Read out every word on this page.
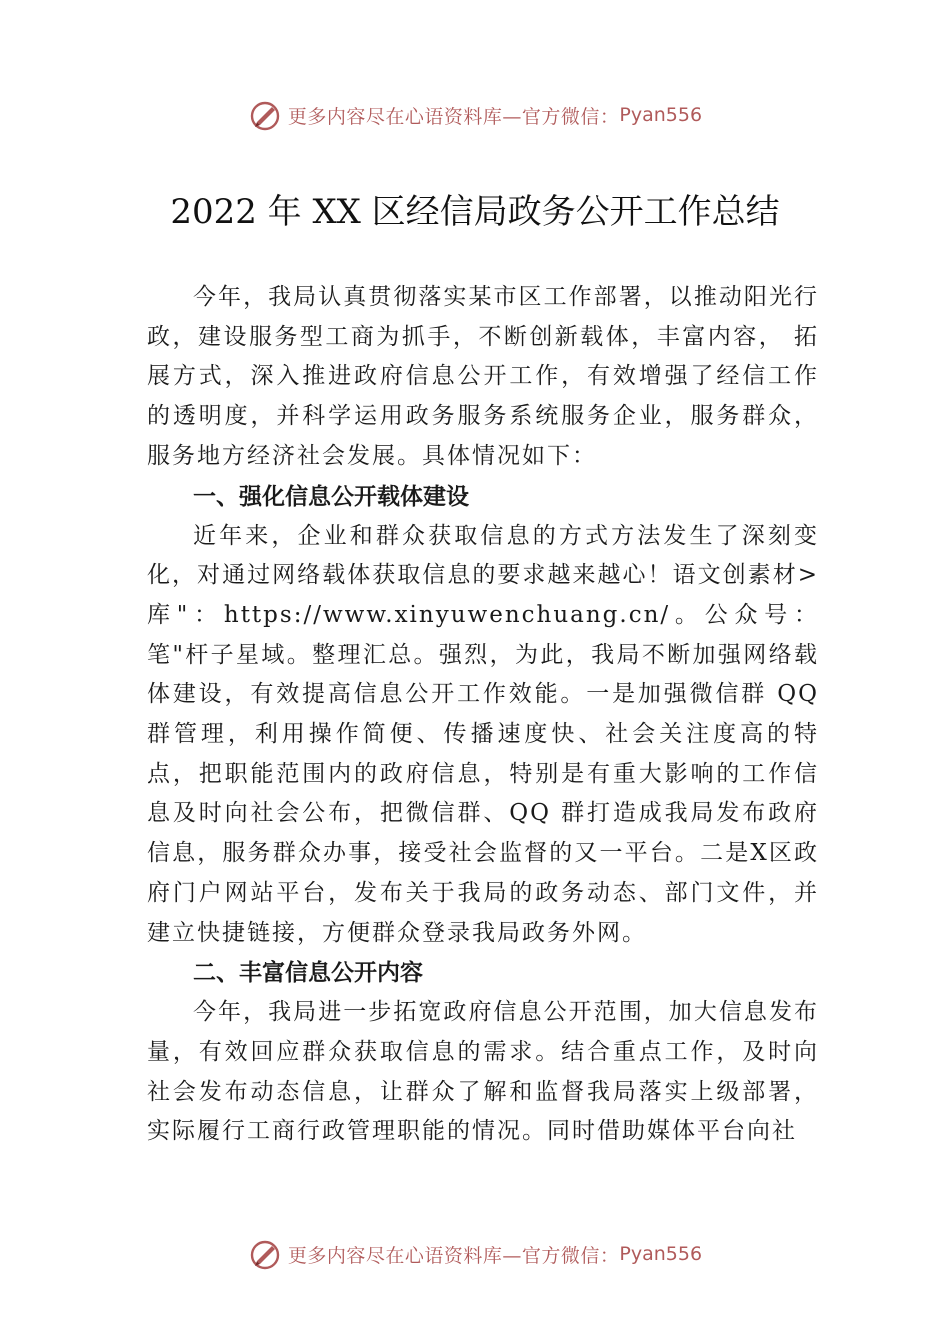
更多内容尽在心语资料库—官方微信： Pyan556
2022 年 XX 区经信局政务公开工作总结

今年，我局认真贯彻落实某市区工作部署，以推动阳光行政，建设服务型工商为抓手，不断创新载体，丰富内容， 拓展方式，深入推进政府信息公开工作，有效增强了经信工作的透明度，并科学运用政务服务系统服务企业，服务群众， 服务地方经济社会发展。具体情况如下：

一、强化信息公开载体建设

近年来，企业和群众获取信息的方式方法发生了深刻变化，对通过网络载体获取信息的要求越来越心！语文创素材>库"：https://www.xinyuwenchuang.cn/。公众号：笔"杆子星域。整理汇总。强烈，为此，我局不断加强网络载体建设，有效提高信息公开工作效能。一是加强微信群 QQ 群管理，利用操作简便、传播速度快、社会关注度高的特点，把职能范围内的政府信息，特别是有重大影响的工作信息及时向社会公布，把微信群、QQ 群打造成我局发布政府信息，服务群众办事，接受社会监督的又一平台。二是X区政府门户网站平台，发布关于我局的政务动态、部门文件，并建立快捷链接，方便群众登录我局政务外网。

二、丰富信息公开内容

今年，我局进一步拓宽政府信息公开范围，加大信息发布量，有效回应群众获取信息的需求。结合重点工作，及时向社会发布动态信息，让群众了解和监督我局落实上级部署，实际履行工商行政管理职能的情况。同时借助媒体平台向社

更多内容尽在心语资料库—官方微信： Pyan556
